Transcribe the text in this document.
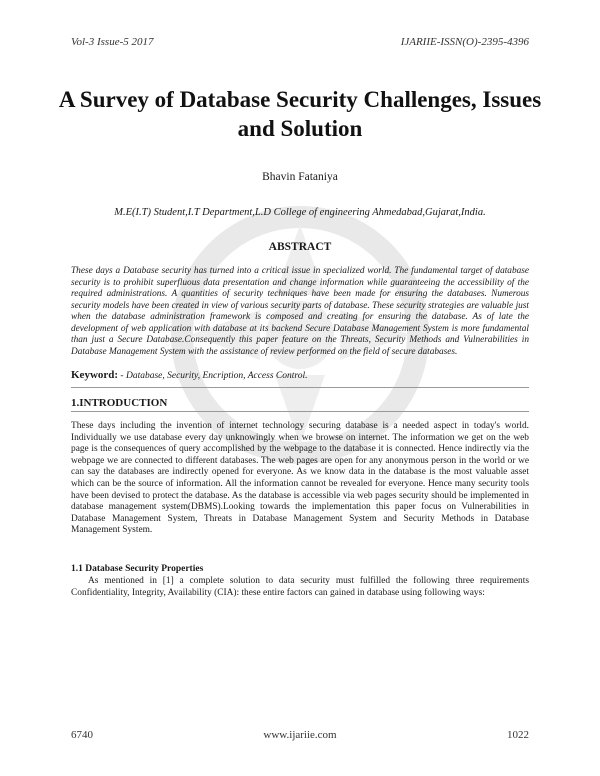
Vol-3 Issue-5 2017	IJARIIE-ISSN(O)-2395-4396
A Survey of Database Security Challenges, Issues and Solution
Bhavin Fataniya
M.E(I.T) Student,I.T Department,L.D College of engineering Ahmedabad,Gujarat,India.
ABSTRACT
These days a Database security has turned into a critical issue in specialized world. The fundamental target of database security is to prohibit superfluous data presentation and change information while guaranteeing the accessibility of the required administrations. A quantities of security techniques have been made for ensuring the databases. Numerous security models have been created in view of various security parts of database. These security strategies are valuable just when the database administration framework is composed and creating for ensuring the database. As of late the development of web application with database at its backend Secure Database Management System is more fundamental than just a Secure Database.Consequently this paper feature on the Threats, Security Methods and Vulnerabilities in Database Management System with the assistance of review performed on the field of secure databases.
Keyword: - Database, Security, Encription, Access Control.
1.INTRODUCTION
These days including the invention of internet technology securing database is a needed aspect in today's world. Individually we use database every day unknowingly when we browse on internet. The information we get on the web page is the consequences of query accomplished by the webpage to the database it is connected. Hence indirectly via the webpage we are connected to different databases. The web pages are open for any anonymous person in the world or we can say the databases are indirectly opened for everyone. As we know data in the database is the most valuable asset which can be the source of information. All the information cannot be revealed for everyone. Hence many security tools have been devised to protect the database. As the database is accessible via web pages security should be implemented in database management system(DBMS).Looking towards the implementation this paper focus on Vulnerabilities in Database Management System, Threats in Database Management System and Security Methods in Database Management System.
1.1 Database Security Properties
As mentioned in [1] a complete solution to data security must fulfilled the following three requirements Confidentiality, Integrity, Availability (CIA): these entire factors can gained in database using following ways:
6740	www.ijariie.com	1022
